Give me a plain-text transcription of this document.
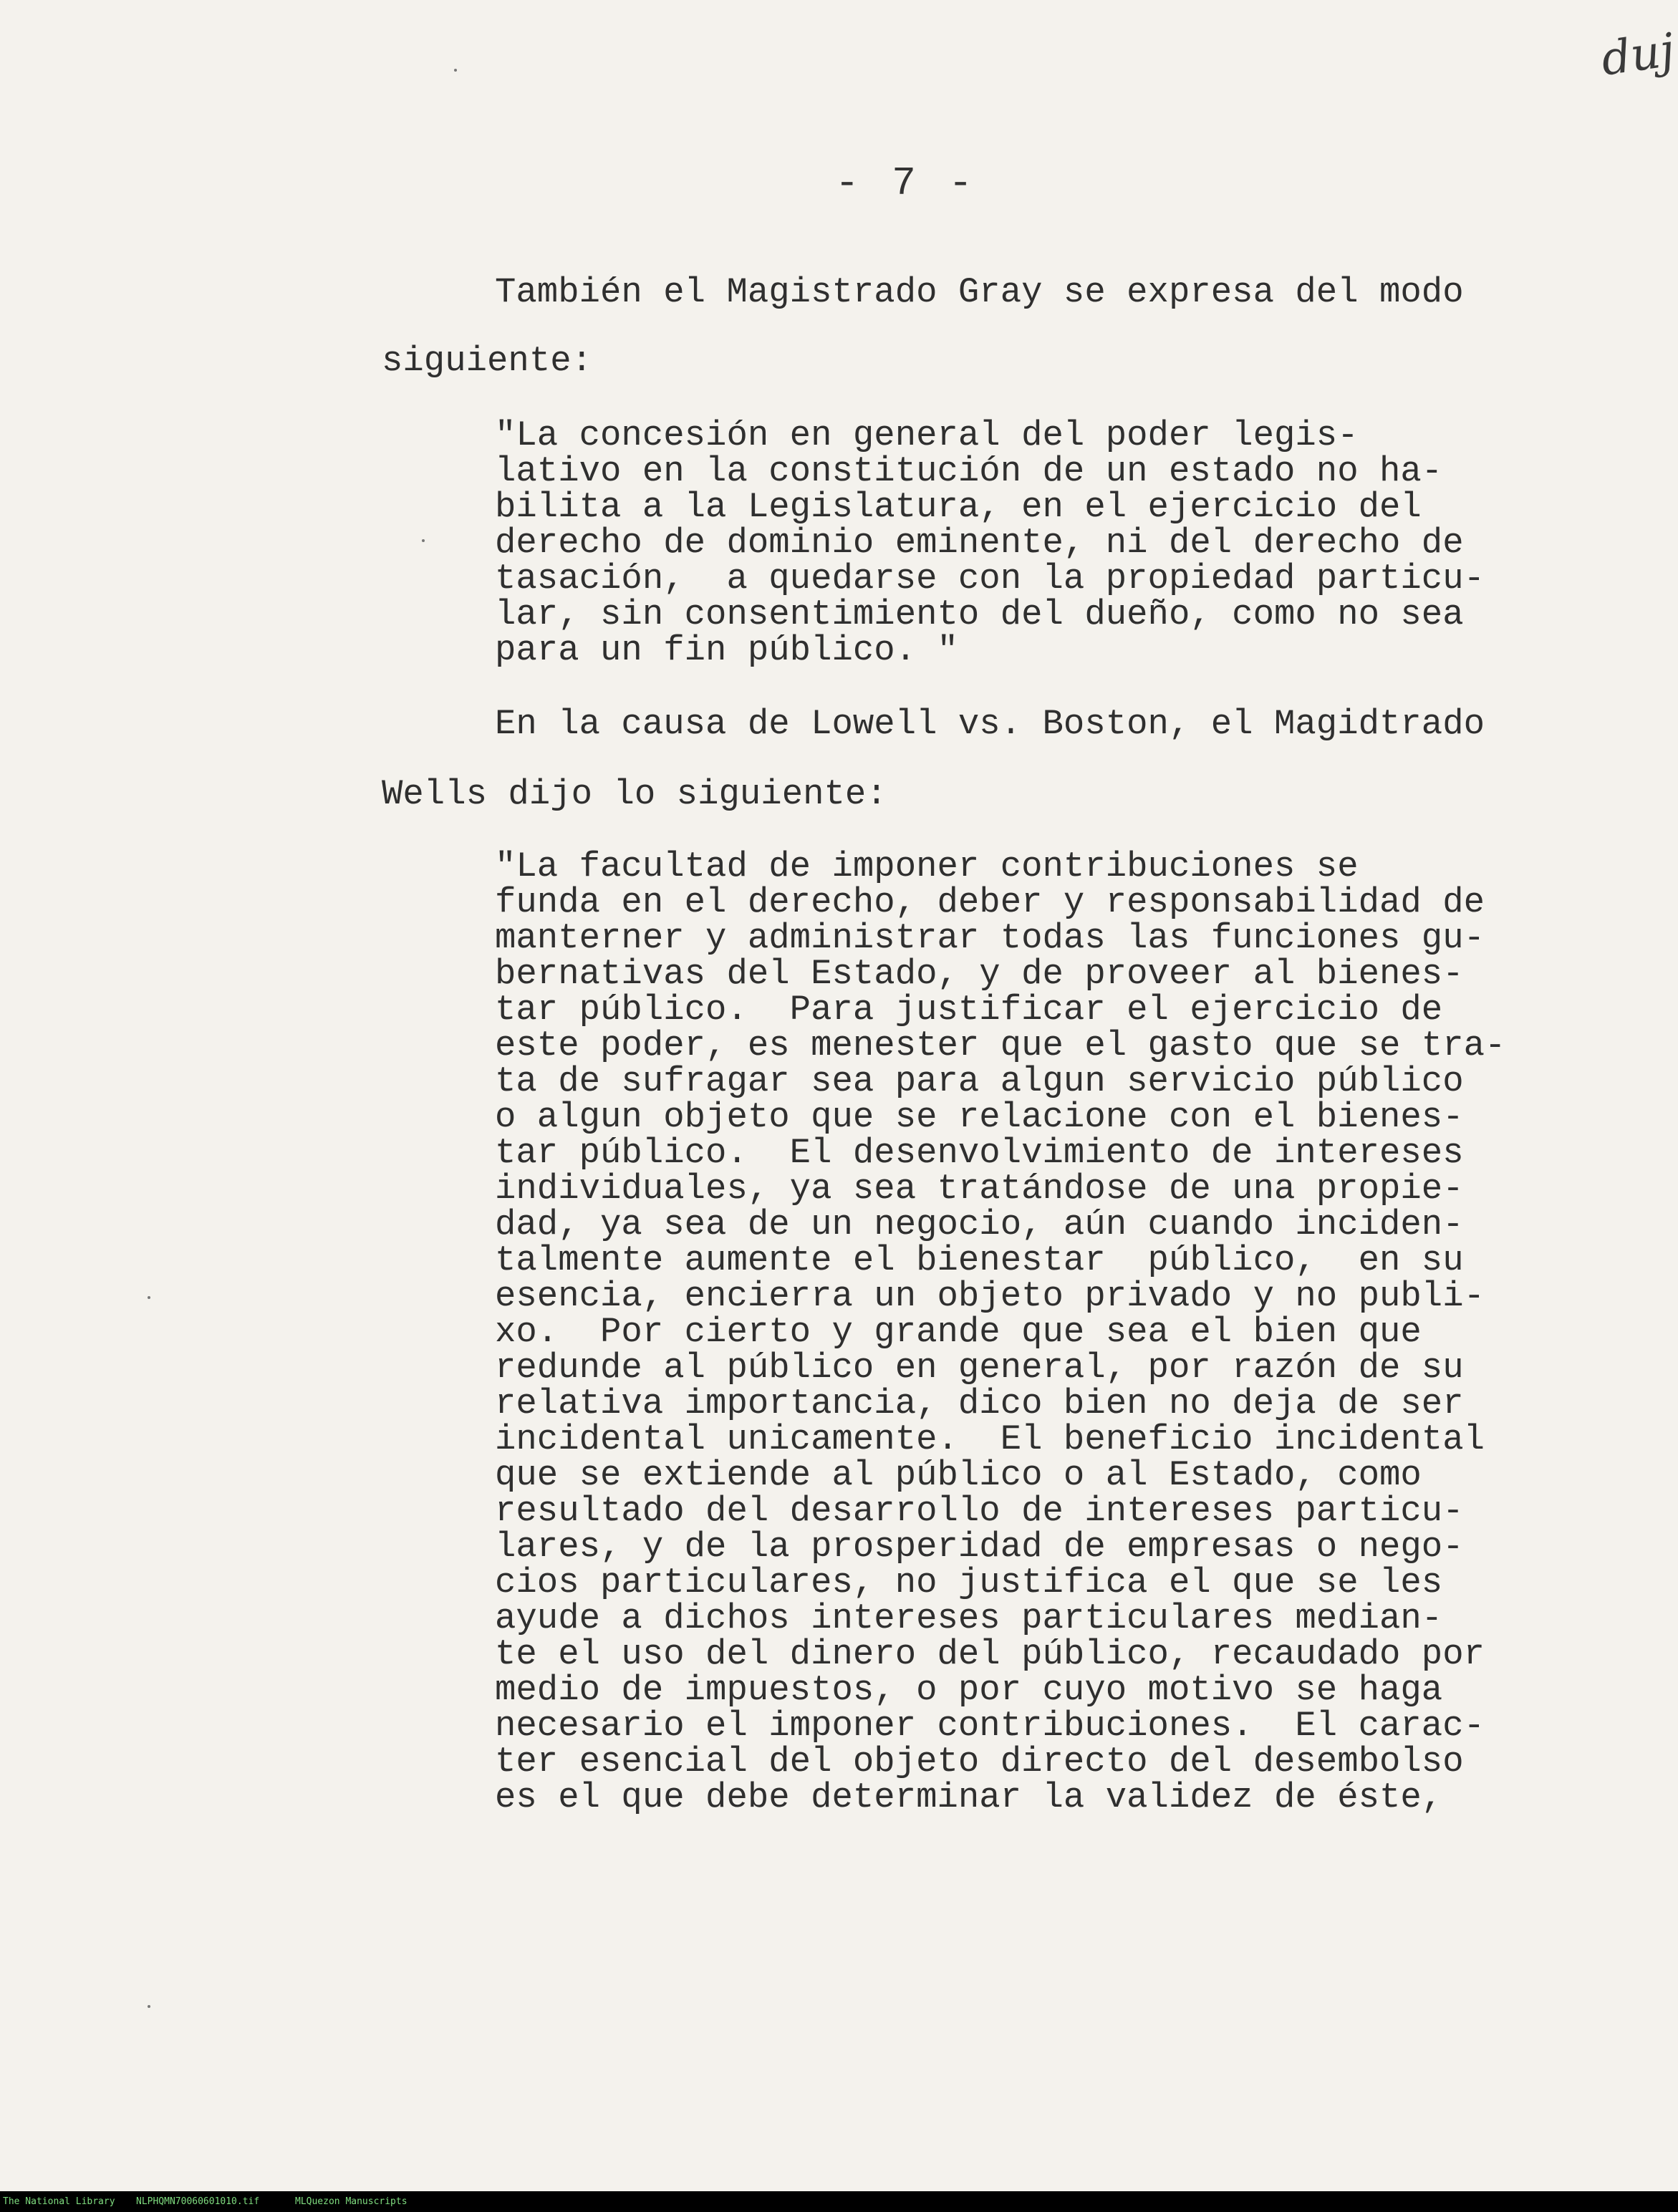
duj
- 7 -
También el Magistrado Gray se expresa del modo
siguiente:
"La concesión en general del poder legis-
lativo en la constitución de un estado no ha-
bilita a la Legislatura, en el ejercicio del
derecho de dominio eminente, ni del derecho de
tasación,  a quedarse con la propiedad particu-
lar, sin consentimiento del dueño, como no sea
para un fin público. "
En la causa de Lowell vs. Boston, el Magidtrado
Wells dijo lo siguiente:
"La facultad de imponer contribuciones se
funda en el derecho, deber y responsabilidad de
manterner y administrar todas las funciones gu-
bernativas del Estado, y de proveer al bienes-
tar público.  Para justificar el ejercicio de
este poder, es menester que el gasto que se tra-
ta de sufragar sea para algun servicio público
o algun objeto que se relacione con el bienes-
tar público.  El desenvolvimiento de intereses
individuales, ya sea tratándose de una propie-
dad, ya sea de un negocio, aún cuando inciden-
talmente aumente el bienestar  público,  en su
esencia, encierra un objeto privado y no publi-
xo.  Por cierto y grande que sea el bien que
redunde al público en general, por razón de su
relativa importancia, dico bien no deja de ser
incidental unicamente.  El beneficio incidental
que se extiende al público o al Estado, como
resultado del desarrollo de intereses particu-
lares, y de la prosperidad de empresas o nego-
cios particulares, no justifica el que se les
ayude a dichos intereses particulares median-
te el uso del dinero del público, recaudado por
medio de impuestos, o por cuyo motivo se haga
necesario el imponer contribuciones.  El carac-
ter esencial del objeto directo del desembolso
es el que debe determinar la validez de éste,
The National Library NLPHQMN70060601010.tif	MLQuezon Manuscripts
